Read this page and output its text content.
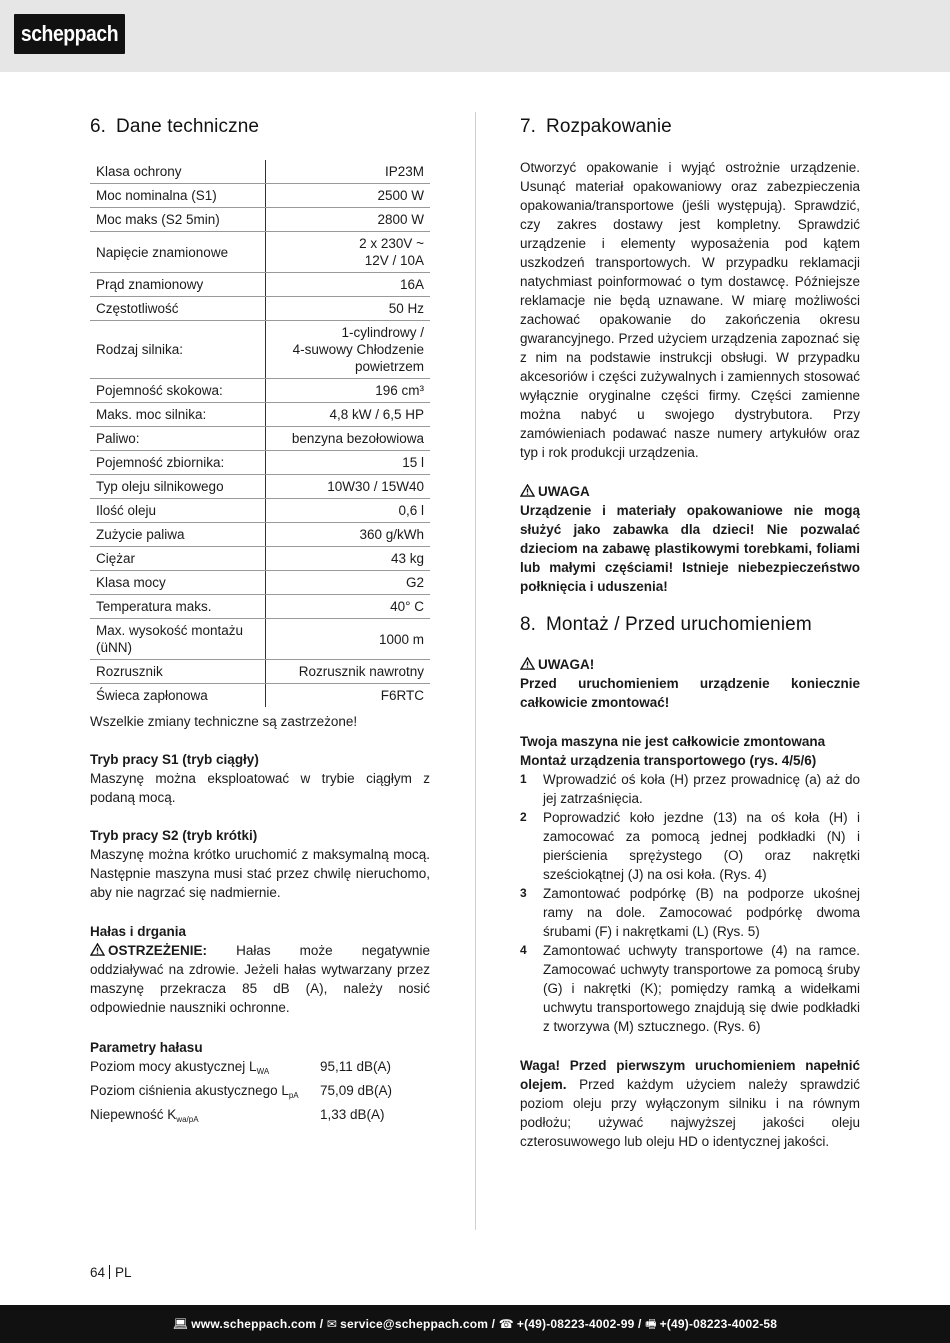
scheppach
6. Dane techniczne
Klasa ochrony	IP23M
Moc nominalna (S1)	2500 W
Moc maks (S2 5min)	2800 W
Napięcie znamionowe	2 x 230V ~
12V / 10A
Prąd znamionowy	16A
Częstotliwość	50 Hz
Rodzaj silnika:	1-cylindrowy /
4-suwowy Chłodzenie
powietrzem
Pojemność skokowa:	196 cm³
Maks. moc silnika:	4,8 kW / 6,5 HP
Paliwo:	benzyna bezołowiowa
Pojemność zbiornika:	15 l
Typ oleju silnikowego	10W30 / 15W40
Ilość oleju	0,6 l
Zużycie paliwa	360 g/kWh
Ciężar	43 kg
Klasa mocy	G2
Temperatura maks.	40° C
Max. wysokość montażu
(üNN)	1000 m
Rozrusznik	Rozrusznik nawrotny
Świeca zapłonowa	F6RTC

Wszelkie zmiany techniczne są zastrzeżone!

Tryb pracy S1 (tryb ciągły)

Maszynę można eksploatować w trybie ciągłym z podaną mocą.

Tryb pracy S2 (tryb krótki)

Maszynę można krótko uruchomić z maksymalną mocą. Następnie maszyna musi stać przez chwilę nieruchomo, aby nie nagrzać się nadmiernie.

Hałas i drgania

OSTRZEŻENIE: Hałas może negatywnie oddziaływać na zdrowie. Jeżeli hałas wytwarzany przez maszynę przekracza 85 dB (A), należy nosić odpowiednie nauszniki ochronne.

Parametry hałasu

Poziom mocy akustycznej $L_{WA}$	95,11 dB(A)
Poziom ciśnienia akustycznego $L_{pA}$	75,09 dB(A)
Niepewność $K_{wa/pA}$	1,33 dB(A)
7. Rozpakowanie

Otworzyć opakowanie i wyjąć ostrożnie urządzenie. Usunąć materiał opakowaniowy oraz zabezpieczenia opakowania/transportowe (jeśli występują). Sprawdzić, czy zakres dostawy jest kompletny. Sprawdzić urządzenie i elementy wyposażenia pod kątem uszkodzeń transportowych. W przypadku reklamacji natychmiast poinformować o tym dostawcę. Późniejsze reklamacje nie będą uznawane. W miarę możliwości zachować opakowanie do zakończenia okresu gwarancyjnego. Przed użyciem urządzenia zapoznać się z nim na podstawie instrukcji obsługi. W przypadku akcesoriów i części zużywalnych i zamiennych stosować wyłącznie oryginalne części firmy. Części zamienne można nabyć u swojego dystrybutora. Przy zamówieniach podawać nasze numery artykułów oraz typ i rok produkcji urządzenia.

UWAGA

Urządzenie i materiały opakowaniowe nie mogą służyć jako zabawka dla dzieci! Nie pozwalać dzieciom na zabawę plastikowymi torebkami, foliami lub małymi częściami! Istnieje niebezpieczeństwo połknięcia i uduszenia!

8. Montaż / Przed uruchomieniem

UWAGA!

Przed uruchomieniem urządzenie koniecznie całkowicie zmontować!

Twoja maszyna nie jest całkowicie zmontowana

Montaż urządzenia transportowego (rys. 4/5/6)

1	Wprowadzić oś koła (H) przez prowadnicę (a) aż do jej zatrzaśnięcia.
2	Poprowadzić koło jezdne (13) na oś koła (H) i zamocować za pomocą jednej podkładki (N) i pierścienia sprężystego (O) oraz nakrętki sześciokątnej (J) na osi koła. (Rys. 4)
3	Zamontować podpórkę (B) na podporze ukośnej ramy na dole. Zamocować podpórkę dwoma śrubami (F) i nakrętkami (L) (Rys. 5)
4	Zamontować uchwyty transportowe (4) na ramce. Zamocować uchwyty transportowe za pomocą śruby (G) i nakrętki (K); pomiędzy ramką a widełkami uchwytu transportowego znajdują się dwie podkładki z tworzywa (M) sztucznego. (Rys. 6)

Waga! Przed pierwszym uruchomieniem napełnić olejem. Przed każdym użyciem należy sprawdzić poziom oleju przy wyłączonym silniku i na równym podłożu; używać najwyższej jakości oleju czterosuwowego lub oleju HD o identycznej jakości.

64 PL
💻︎ www.scheppach.com / ✉︎ service@scheppach.com / ☎︎ +(49)-08223-4002-99 / 🖷︎ +(49)-08223-4002-58
